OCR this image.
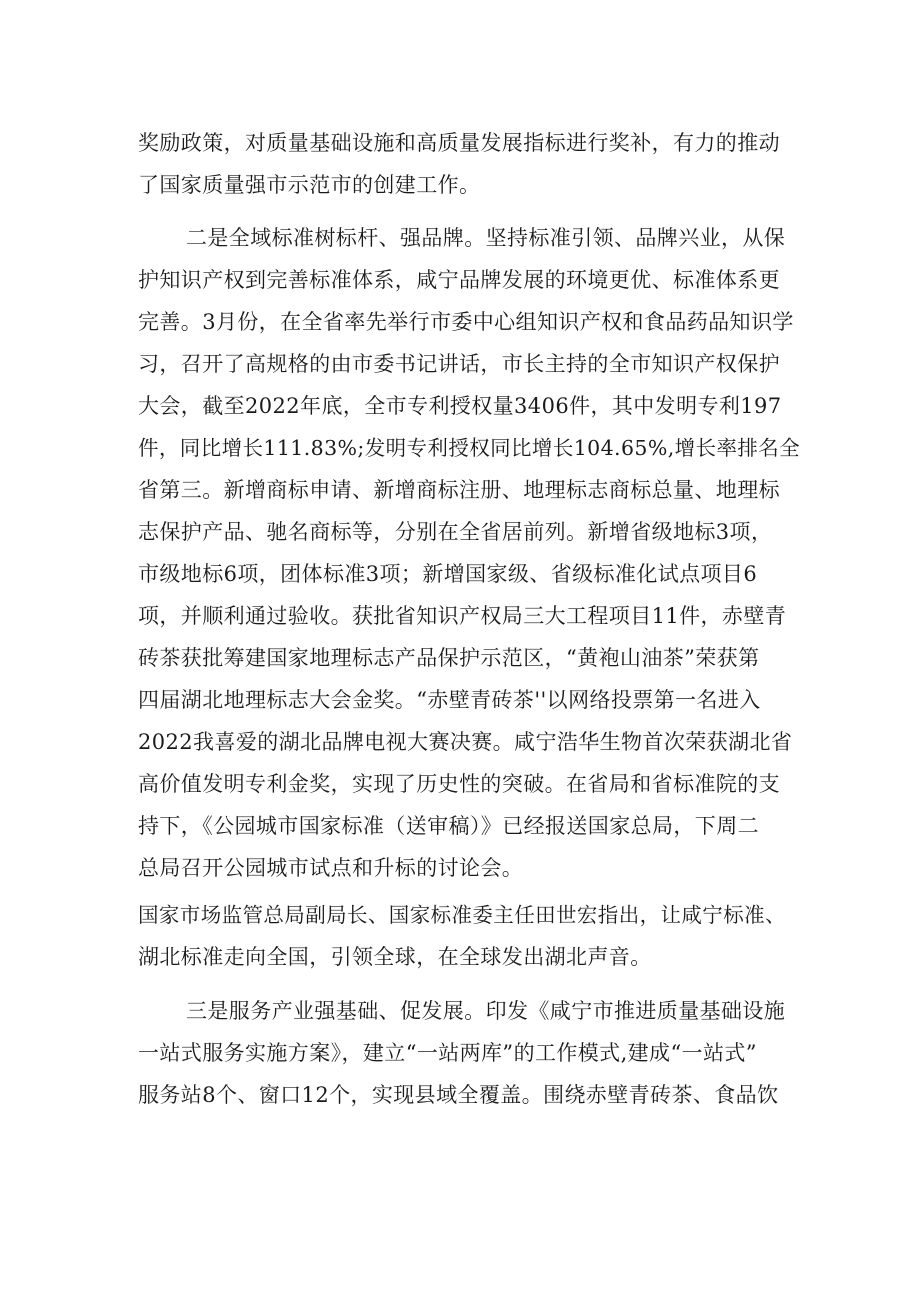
奖励政策，对质量基础设施和高质量发展指标进行奖补，有力的推动
了国家质量强市示范市的创建工作。
二是全域标准树标杆、强品牌。坚持标准引领、品牌兴业，从保
护知识产权到完善标准体系，咸宁品牌发展的环境更优、标准体系更
完善。3月份，在全省率先举行市委中心组知识产权和食品药品知识学
习，召开了高规格的由市委书记讲话，市长主持的全市知识产权保护
大会，截至2022年底，全市专利授权量3406件，其中发明专利197
件，同比增长111.83%;发明专利授权同比增长104.65%,增长率排名全
省第三。新增商标申请、新增商标注册、地理标志商标总量、地理标
志保护产品、驰名商标等，分别在全省居前列。新增省级地标3项，
市级地标6项，团体标准3项；新增国家级、省级标准化试点项目6
项，并顺利通过验收。获批省知识产权局三大工程项目11件，赤壁青
砖茶获批筹建国家地理标志产品保护示范区，“黄袍山油茶”荣获第
四届湖北地理标志大会金奖。“赤壁青砖茶''以网络投票第一名进入
2022我喜爱的湖北品牌电视大赛决赛。咸宁浩华生物首次荣获湖北省
高价值发明专利金奖，实现了历史性的突破。在省局和省标准院的支
持下，《公园城市国家标准（送审稿）》已经报送国家总局，下周二
总局召开公园城市试点和升标的讨论会。
国家市场监管总局副局长、国家标准委主任田世宏指出，让咸宁标准、
湖北标准走向全国，引领全球，在全球发出湖北声音。
三是服务产业强基础、促发展。印发《咸宁市推进质量基础设施
一站式服务实施方案》，建立“一站两库”的工作模式,建成“一站式”
服务站8个、窗口12个，实现县域全覆盖。围绕赤壁青砖茶、食品饮
